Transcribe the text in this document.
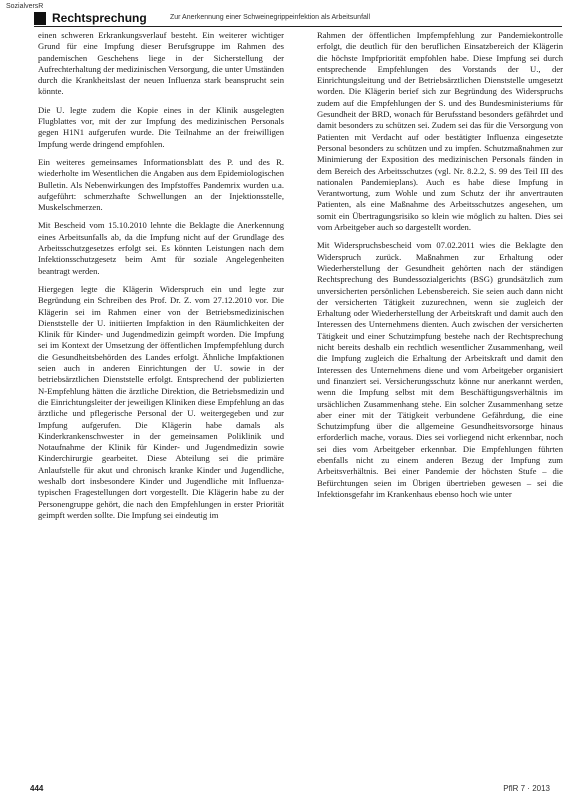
SozialversR
Rechtsprechung	Zur Anerkennung einer Schweinegrippeinfektion als Arbeitsunfall

einen schweren Erkrankungsverlauf besteht. Ein weiterer wichtiger Grund für eine Impfung dieser Berufsgruppe im Rahmen des pandemischen Geschehens liege in der Sicherstellung der Aufrechterhaltung der medizinischen Versorgung, die unter Umständen durch die Krankheitslast der neuen Influenza stark beansprucht sein könnte.

Die U. legte zudem die Kopie eines in der Klinik ausgelegten Flugblattes vor, mit der zur Impfung des medizinischen Personals gegen H1N1 aufgerufen wurde. Die Teilnahme an der freiwilligen Impfung werde dringend empfohlen.

Ein weiteres gemeinsames Informationsblatt des P. und des R. wiederholte im Wesentlichen die Angaben aus dem Epidemiologischen Bulletin. Als Nebenwirkungen des Impfstoffes Pandemrix wurden u.a. aufgeführt: schmerzhafte Schwellungen an der Injektionsstelle, Muskelschmerzen.

Mit Bescheid vom 15.10.2010 lehnte die Beklagte die Anerkennung eines Arbeitsunfalls ab, da die Impfung nicht auf der Grundlage des Arbeitsschutzgesetzes erfolgt sei. Es könnten Leistungen nach dem Infektionsschutzgesetz beim Amt für soziale Angelegenheiten beantragt werden.

Hiergegen legte die Klägerin Widerspruch ein und legte zur Begründung ein Schreiben des Prof. Dr. Z. vom 27.12.2010 vor. Die Klägerin sei im Rahmen einer von der Betriebsmedizinischen Dienststelle der U. initiierten Impfaktion in den Räumlichkeiten der Klinik für Kinder- und Jugendmedizin geimpft worden. Die Impfung sei im Kontext der Umsetzung der öffentlichen Impfempfehlung durch die Gesundheitsbehörden des Landes erfolgt. Ähnliche Impfaktionen seien auch in anderen Einrichtungen der U. sowie in der betriebsärztlichen Dienststelle erfolgt. Entsprechend der publizierten N-Empfehlung hätten die ärztliche Direktion, die Betriebsmedizin und die Einrichtungsleiter der jeweiligen Kliniken diese Empfehlung an das ärztliche und pflegerische Personal der U. weitergegeben und zur Impfung aufgerufen. Die Klägerin habe damals als Kinderkrankenschwester in der gemeinsamen Poliklinik und Notaufnahme der Klinik für Kinder- und Jugendmedizin sowie Kinderchirurgie gearbeitet. Diese Abteilung sei die primäre Anlaufstelle für akut und chronisch kranke Kinder und Jugendliche, weshalb dort insbesondere Kinder und Jugendliche mit Influenza-typischen Fragestellungen dort vorgestellt. Die Klägerin habe zu der Personengruppe gehört, die nach den Empfehlungen in erster Priorität geimpft werden sollte. Die Impfung sei eindeutig im

Rahmen der öffentlichen Impfempfehlung zur Pandemiekontrolle erfolgt, die deutlich für den beruflichen Einsatzbereich der Klägerin die höchste Impfpriorität empfohlen habe. Diese Impfung sei durch entsprechende Empfehlungen des Vorstands der U., der Einrichtungsleitung und der Betriebsärztlichen Dienststelle umgesetzt worden. Die Klägerin berief sich zur Begründung des Widerspruchs zudem auf die Empfehlungen der S. und des Bundesministeriums für Gesundheit der BRD, wonach für Berufsstand besonders gefährdet und damit besonders zu schützen sei. Zudem sei das für die Versorgung von Patienten mit Verdacht auf oder bestätigter Influenza eingesetzte Personal besonders zu schützen und zu impfen. Schutzmaßnahmen zur Minimierung der Exposition des medizinischen Personals fänden in dem Bereich des Arbeitsschutzes (vgl. Nr. 8.2.2, S. 99 des Teil III des nationalen Pandemieplans). Auch es habe diese Impfung in Verantwortung, zum Wohle und zum Schutz der ihr anvertrauten Patienten, als eine Maßnahme des Arbeitsschutzes angesehen, um somit ein Übertragungsrisiko so klein wie möglich zu halten. Dies sei vom Arbeitgeber auch so dargestellt worden.

Mit Widerspruchsbescheid vom 07.02.2011 wies die Beklagte den Widerspruch zurück. Maßnahmen zur Erhaltung oder Wiederherstellung der Gesundheit gehörten nach der ständigen Rechtsprechung des Bundessozialgerichts (BSG) grundsätzlich zum unversicherten persönlichen Lebensbereich. Sie seien auch dann nicht der versicherten Tätigkeit zuzurechnen, wenn sie zugleich der Erhaltung oder Wiederherstellung der Arbeitskraft und damit auch den Interessen des Unternehmens dienten. Auch zwischen der versicherten Tätigkeit und einer Schutzimpfung bestehe nach der Rechtsprechung nicht bereits deshalb ein rechtlich wesentlicher Zusammenhang, weil die Impfung zugleich die Erhaltung der Arbeitskraft und damit den Interessen des Unternehmens diene und vom Arbeitgeber organisiert und finanziert sei. Versicherungsschutz könne nur anerkannt werden, wenn die Impfung selbst mit dem Beschäftigungsverhältnis im ursächlichen Zusammenhang stehe. Ein solcher Zusammenhang setze aber einer mit der Tätigkeit verbundene Gefährdung, die eine Schutzimpfung über die allgemeine Gesundheitsvorsorge hinaus erforderlich mache, voraus. Dies sei vorliegend nicht erkennbar, noch sei dies vom Arbeitgeber erkennbar. Die Empfehlungen führten ebenfalls nicht zu einem anderen Bezug der Impfung zum Arbeitsverhältnis. Bei einer Pandemie der höchsten Stufe – die Befürchtungen seien im Übrigen übertrieben gewesen – sei die Infektionsgefahr im Krankenhaus ebenso hoch wie unter

444	PflR 7 · 2013
